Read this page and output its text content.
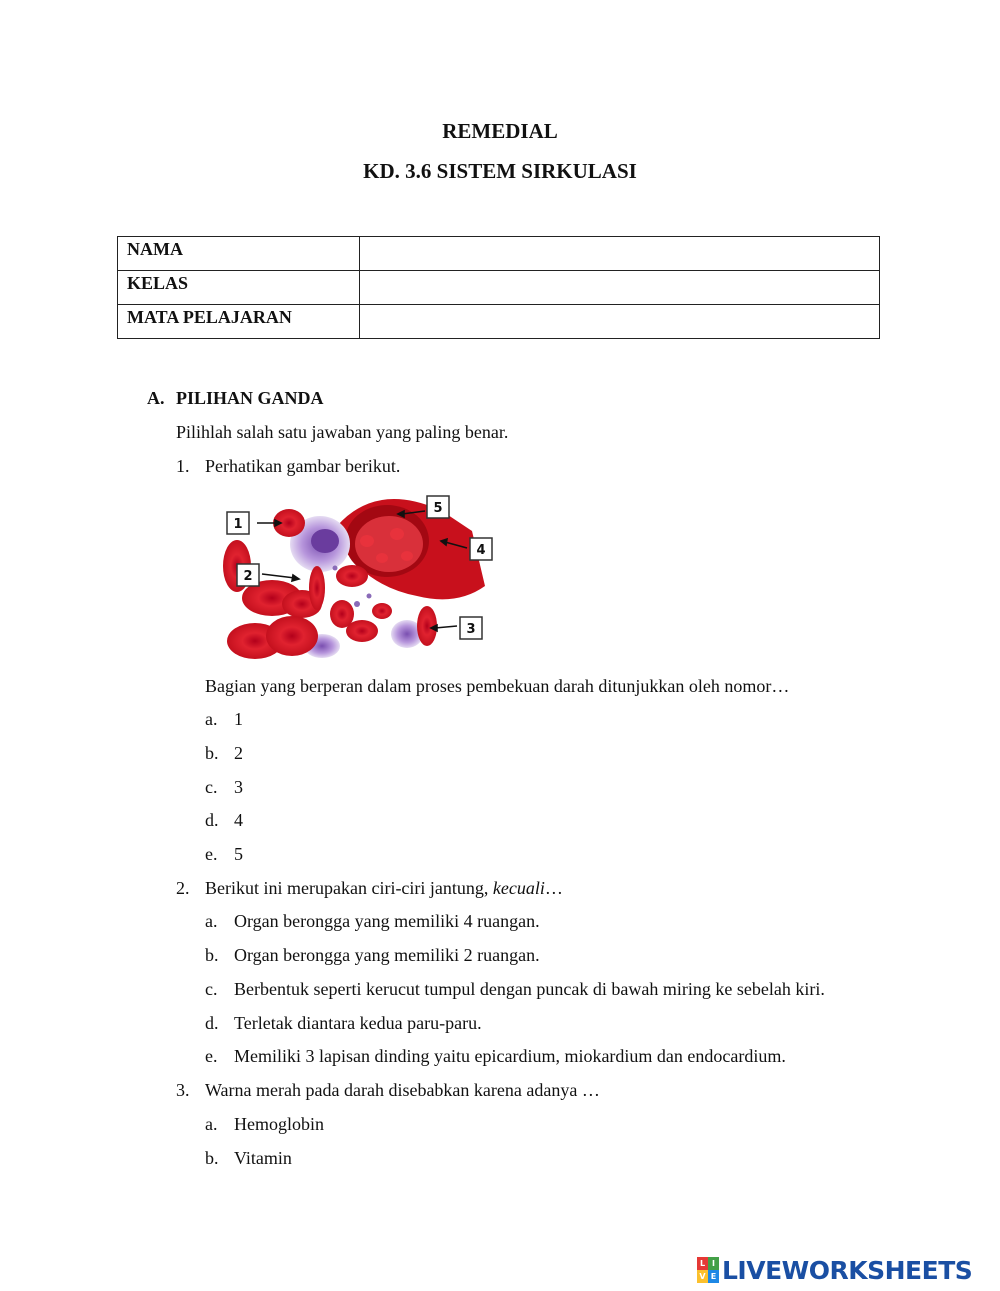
REMEDIAL
KD. 3.6 SISTEM SIRKULASI
NAMA	
KELAS	
MATA PELAJARAN	
A. PILIHAN GANDA
Pilihlah salah satu jawaban yang paling benar.
1. Perhatikan gambar berikut.
1
2
3
4
5
Bagian yang berperan dalam proses pembekuan darah ditunjukkan oleh nomor…
a. 1
b. 2
c. 3
d. 4
e. 5
2. Berikut ini merupakan ciri-ciri jantung, kecuali…
a. Organ berongga yang memiliki 4 ruangan.
b. Organ berongga yang memiliki 2 ruangan.
c. Berbentuk seperti kerucut tumpul dengan puncak di bawah miring ke sebelah kiri.
d. Terletak diantara kedua paru-paru.
e. Memiliki 3 lapisan dinding yaitu epicardium, miokardium dan endocardium.
3. Warna merah pada darah disebabkan karena adanya …
a. Hemoglobin
b. Vitamin
L I
V E LIVEWORKSHEETS
